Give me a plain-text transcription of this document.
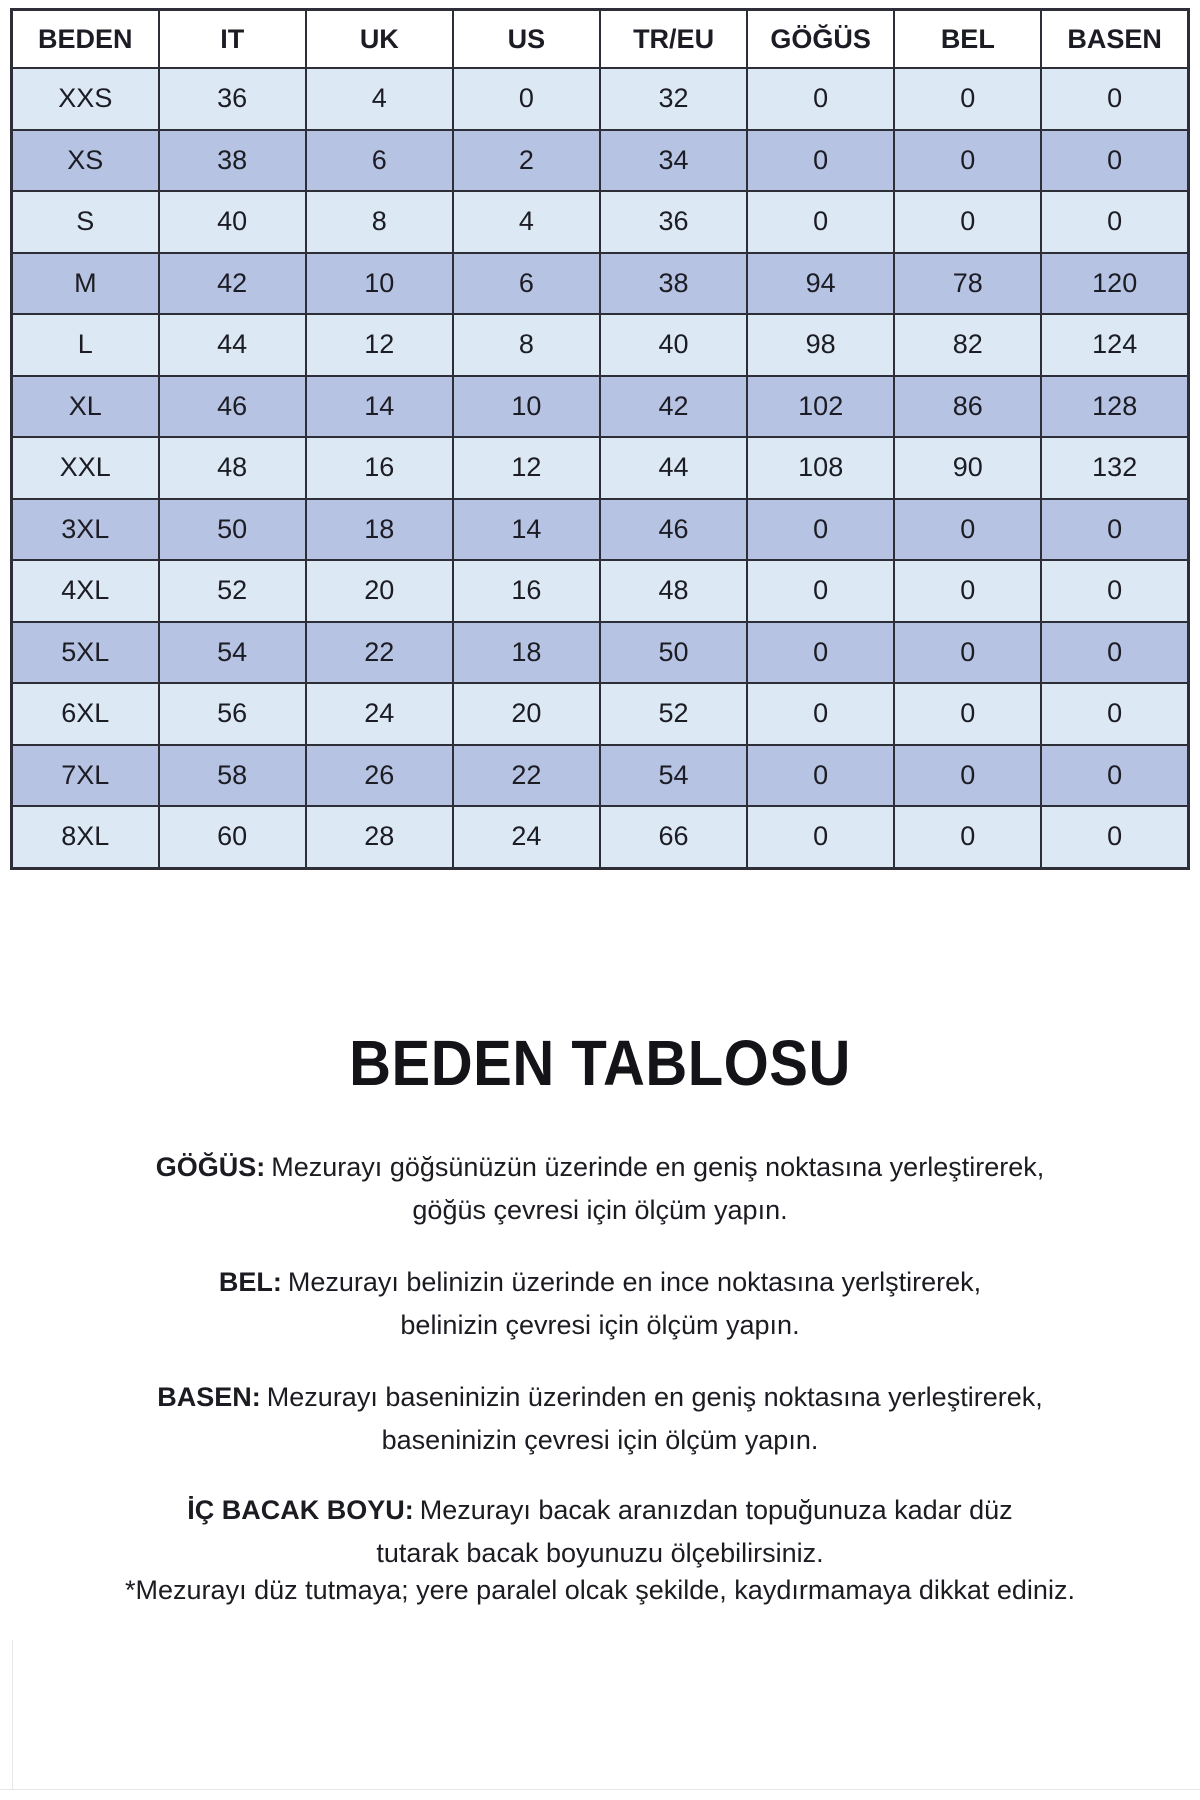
BEDEN	IT	UK	US	TR/EU	GÖĞÜS	BEL	BASEN
XXS	36	4	0	32	0	0	0
XS	38	6	2	34	0	0	0
S	40	8	4	36	0	0	0
M	42	10	6	38	94	78	120
L	44	12	8	40	98	82	124
XL	46	14	10	42	102	86	128
XXL	48	16	12	44	108	90	132
3XL	50	18	14	46	0	0	0
4XL	52	20	16	48	0	0	0
5XL	54	22	18	50	0	0	0
6XL	56	24	20	52	0	0	0
7XL	58	26	22	54	0	0	0
8XL	60	28	24	66	0	0	0
BEDEN TABLOSU
GÖĞÜS: Mezurayı göğsünüzün üzerinde en geniş noktasına yerleştirerek,
göğüs çevresi için ölçüm yapın.
BEL: Mezurayı belinizin üzerinde en ince noktasına yerlştirerek,
belinizin çevresi için ölçüm yapın.
BASEN: Mezurayı baseninizin üzerinden en geniş noktasına yerleştirerek,
baseninizin çevresi için ölçüm yapın.
İÇ BACAK BOYU: Mezurayı bacak aranızdan topuğunuza kadar düz
tutarak bacak boyunuzu ölçebilirsiniz.
*Mezurayı düz tutmaya; yere paralel olcak şekilde, kaydırmamaya dikkat ediniz.
